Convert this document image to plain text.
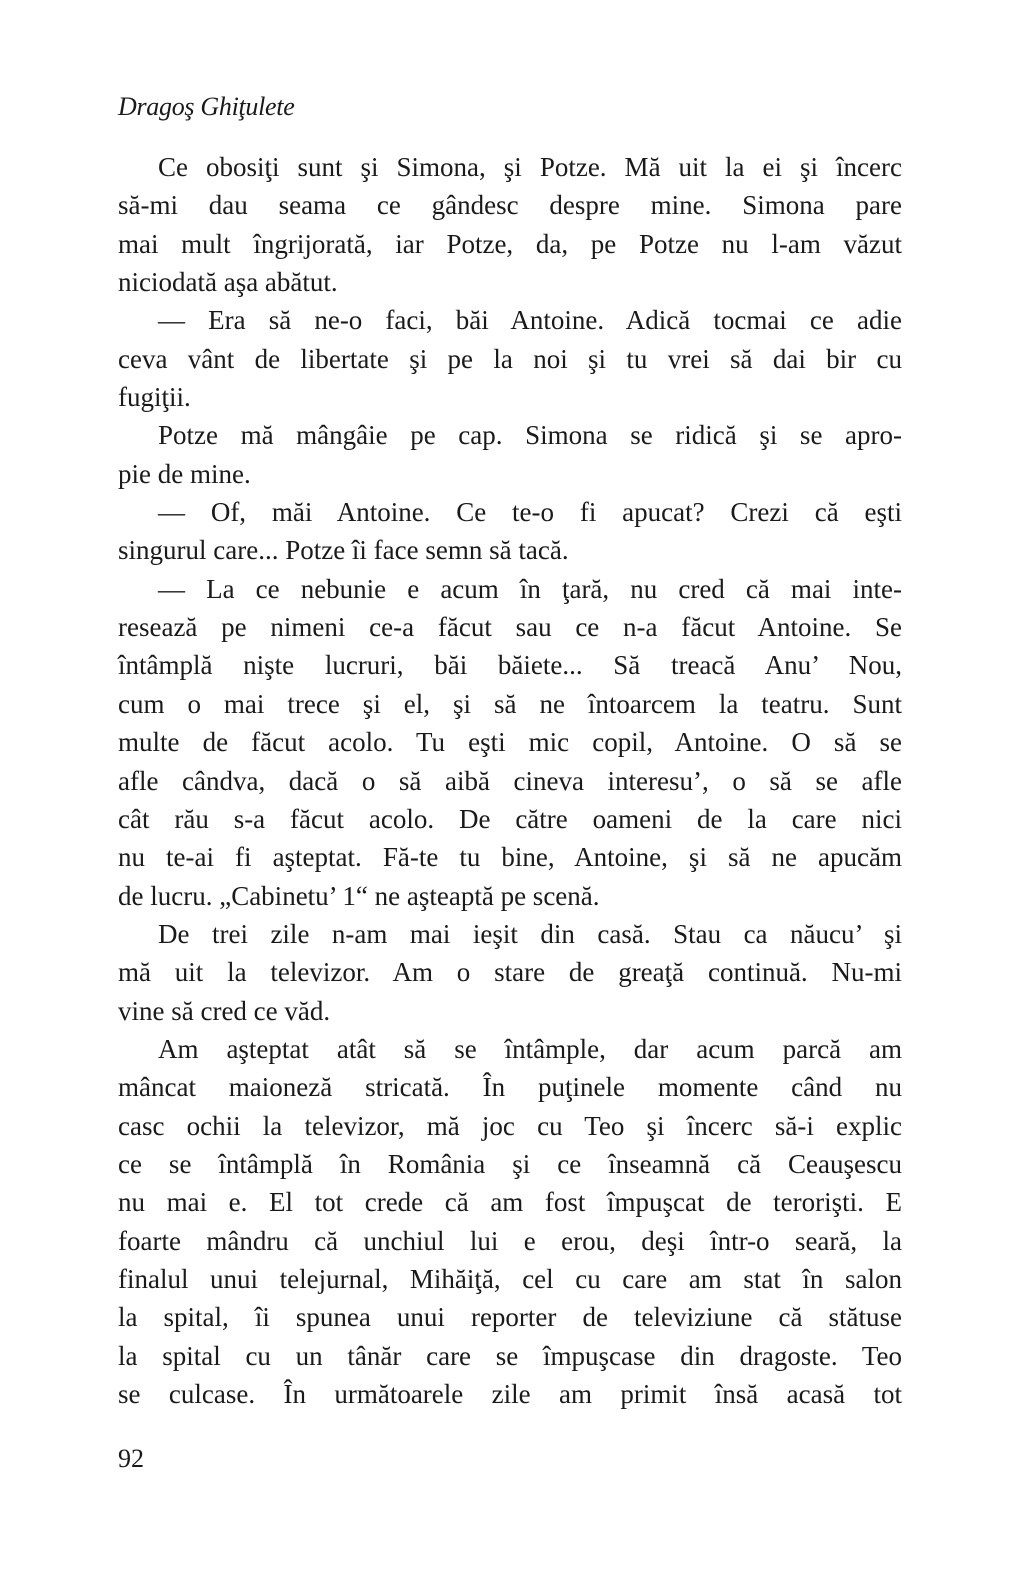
Dragoş Ghiţulete
Ce obosiţi sunt şi Simona, şi Potze. Mă uit la ei şi încerc
să-mi dau seama ce gândesc despre mine. Simona pare
mai mult îngrijorată, iar Potze, da, pe Potze nu l-am văzut
niciodată aşa abătut.
— Era să ne-o faci, băi Antoine. Adică tocmai ce adie
ceva vânt de libertate şi pe la noi şi tu vrei să dai bir cu
fugiţii.
Potze mă mângâie pe cap. Simona se ridică şi se apro-
pie de mine.
— Of, măi Antoine. Ce te-o fi apucat? Crezi că eşti
singurul care... Potze îi face semn să tacă.
— La ce nebunie e acum în ţară, nu cred că mai inte-
resează pe nimeni ce-a făcut sau ce n-a făcut Antoine. Se
întâmplă nişte lucruri, băi băiete... Să treacă Anu’ Nou,
cum o mai trece şi el, şi să ne întoarcem la teatru. Sunt
multe de făcut acolo. Tu eşti mic copil, Antoine. O să se
afle cândva, dacă o să aibă cineva interesu’, o să se afle
cât rău s-a făcut acolo. De către oameni de la care nici
nu te-ai fi aşteptat. Fă-te tu bine, Antoine, şi să ne apucăm
de lucru. „Cabinetu’ 1“ ne aşteaptă pe scenă.
De trei zile n-am mai ieşit din casă. Stau ca năucu’ şi
mă uit la televizor. Am o stare de greaţă continuă. Nu-mi
vine să cred ce văd.
Am aşteptat atât să se întâmple, dar acum parcă am
mâncat maioneză stricată. În puţinele momente când nu
casc ochii la televizor, mă joc cu Teo şi încerc să-i explic
ce se întâmplă în România şi ce înseamnă că Ceauşescu
nu mai e. El tot crede că am fost împuşcat de terorişti. E
foarte mândru că unchiul lui e erou, deşi într-o seară, la
finalul unui telejurnal, Mihăiţă, cel cu care am stat în salon
la spital, îi spunea unui reporter de televiziune că stătuse
la spital cu un tânăr care se împuşcase din dragoste. Teo
se culcase. În următoarele zile am primit însă acasă tot
92
